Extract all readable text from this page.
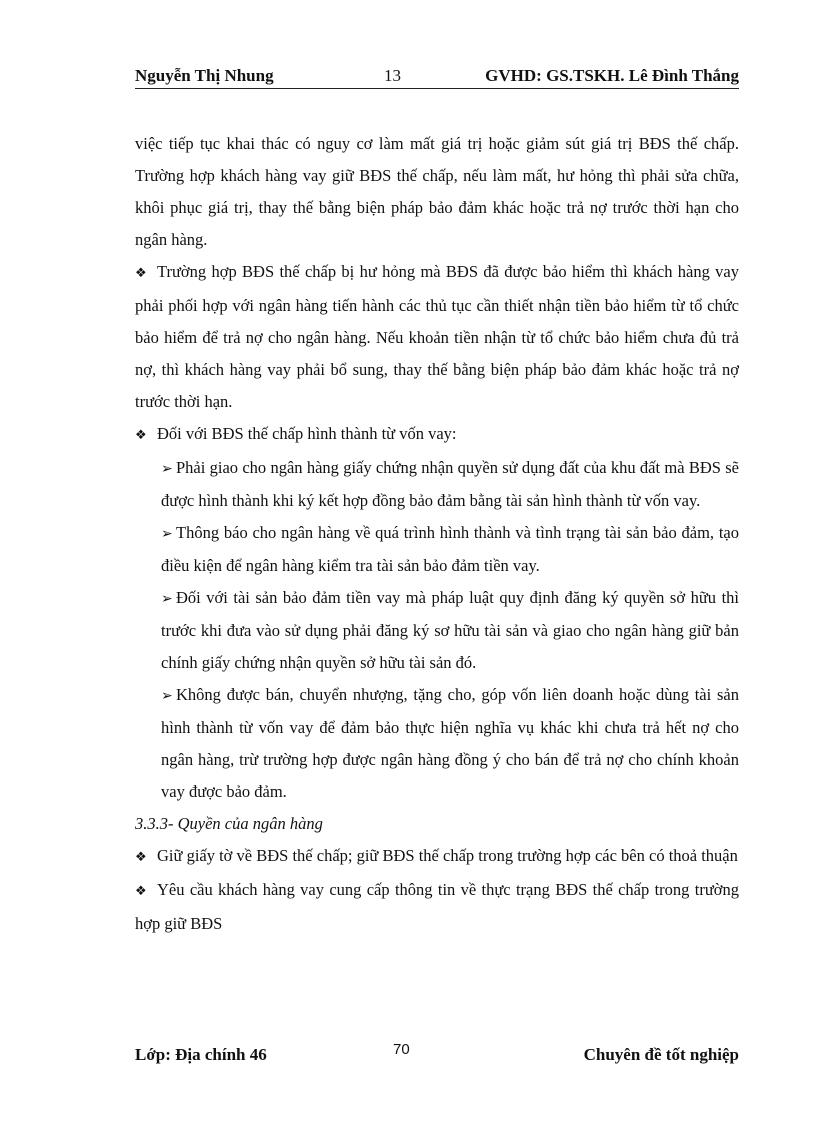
Nguyễn Thị Nhung	13	GVHD: GS.TSKH. Lê Đình Thắng

việc tiếp tục khai thác có nguy cơ làm mất giá trị hoặc giảm sút giá trị BĐS thế chấp. Trường hợp khách hàng vay giữ BĐS thế chấp, nếu làm mất, hư hỏng thì phải sửa chữa, khôi phục giá trị, thay thế bằng biện pháp bảo đảm khác hoặc trả nợ trước thời hạn cho ngân hàng.

❖ Trường hợp BĐS thế chấp bị hư hỏng mà BĐS đã được bảo hiểm thì khách hàng vay phải phối hợp với ngân hàng tiến hành các thủ tục cần thiết nhận tiền bảo hiểm từ tổ chức bảo hiểm để trả nợ cho ngân hàng. Nếu khoản tiền nhận từ tổ chức bảo hiểm chưa đủ trả nợ, thì khách hàng vay phải bổ sung, thay thế bằng biện pháp bảo đảm khác hoặc trả nợ trước thời hạn.

❖ Đối với BĐS thế chấp hình thành từ vốn vay:

➢ Phải giao cho ngân hàng giấy chứng nhận quyền sử dụng đất của khu đất mà BĐS sẽ được hình thành khi ký kết hợp đồng bảo đảm bằng tài sản hình thành từ vốn vay.

➢ Thông báo cho ngân hàng về quá trình hình thành và tình trạng tài sản bảo đảm, tạo điều kiện để ngân hàng kiểm tra tài sản bảo đảm tiền vay.

➢ Đối với tài sản bảo đảm tiền vay mà pháp luật quy định đăng ký quyền sở hữu thì trước khi đưa vào sử dụng phải đăng ký sơ hữu tài sản và giao cho ngân hàng giữ bản chính giấy chứng nhận quyền sở hữu tài sản đó.

➢ Không được bán, chuyển nhượng, tặng cho, góp vốn liên doanh hoặc dùng tài sản hình thành từ vốn vay để đảm bảo thực hiện nghĩa vụ khác khi chưa trả hết nợ cho ngân hàng, trừ trường hợp được ngân hàng đồng ý cho bán để trả nợ cho chính khoản vay được bảo đảm.

3.3.3- Quyền của ngân hàng

❖ Giữ giấy tờ về BĐS thế chấp; giữ BĐS thế chấp trong trường hợp các bên có thoả thuận

❖ Yêu cầu khách hàng vay cung cấp thông tin về thực trạng BĐS thế chấp trong trường hợp giữ BĐS

Lớp: Địa chính 46	70	Chuyên đề tốt nghiệp
